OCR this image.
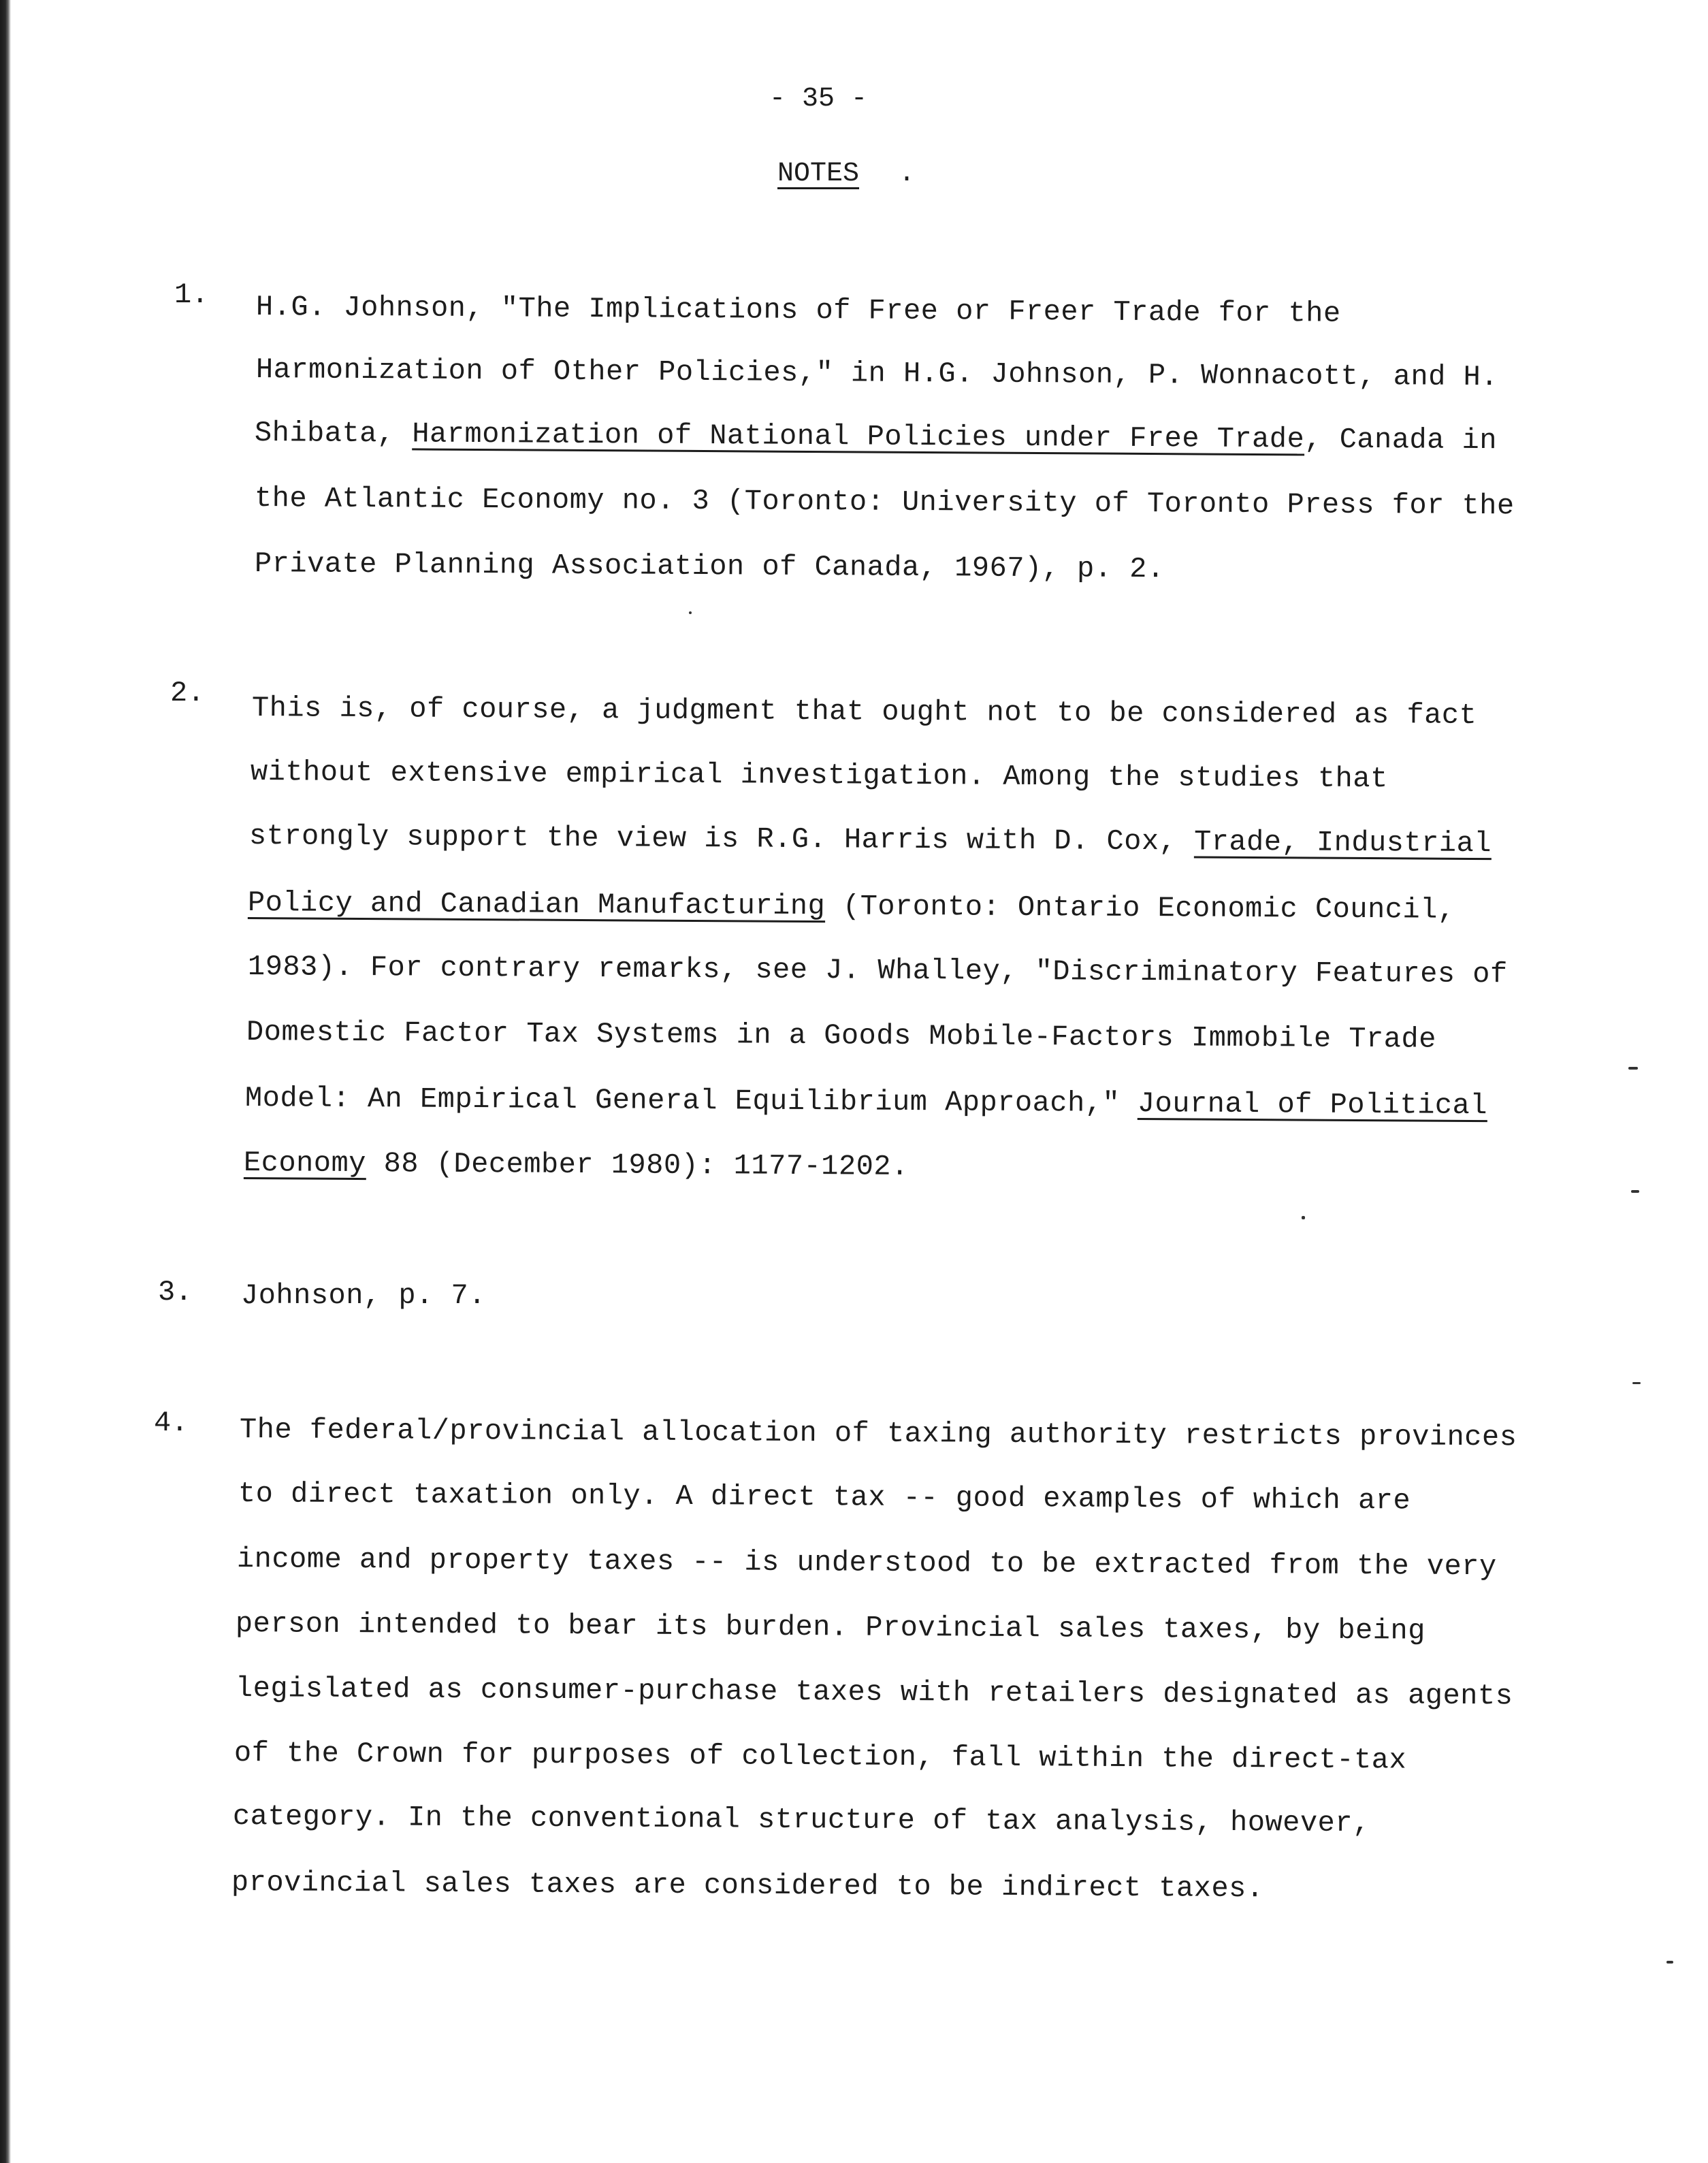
- 35 -
NOTES .
1.	H.G. Johnson, "The Implications of Free or Freer Trade for the
Harmonization of Other Policies," in H.G. Johnson, P. Wonnacott, and H.
Shibata, Harmonization of National Policies under Free Trade, Canada in
the Atlantic Economy no. 3 (Toronto: University of Toronto Press for the
Private Planning Association of Canada, 1967), p. 2.
2.	This is, of course, a judgment that ought not to be considered as fact
without extensive empirical investigation. Among the studies that
strongly support the view is R.G. Harris with D. Cox, Trade, Industrial
Policy and Canadian Manufacturing (Toronto: Ontario Economic Council,
1983). For contrary remarks, see J. Whalley, "Discriminatory Features of
Domestic Factor Tax Systems in a Goods Mobile-Factors Immobile Trade
Model: An Empirical General Equilibrium Approach," Journal of Political
Economy 88 (December 1980): 1177-1202.
3.	Johnson, p. 7.
4.	The federal/provincial allocation of taxing authority restricts provinces
to direct taxation only. A direct tax -- good examples of which are
income and property taxes -- is understood to be extracted from the very
person intended to bear its burden. Provincial sales taxes, by being
legislated as consumer-purchase taxes with retailers designated as agents
of the Crown for purposes of collection, fall within the direct-tax
category. In the conventional structure of tax analysis, however,
provincial sales taxes are considered to be indirect taxes.
